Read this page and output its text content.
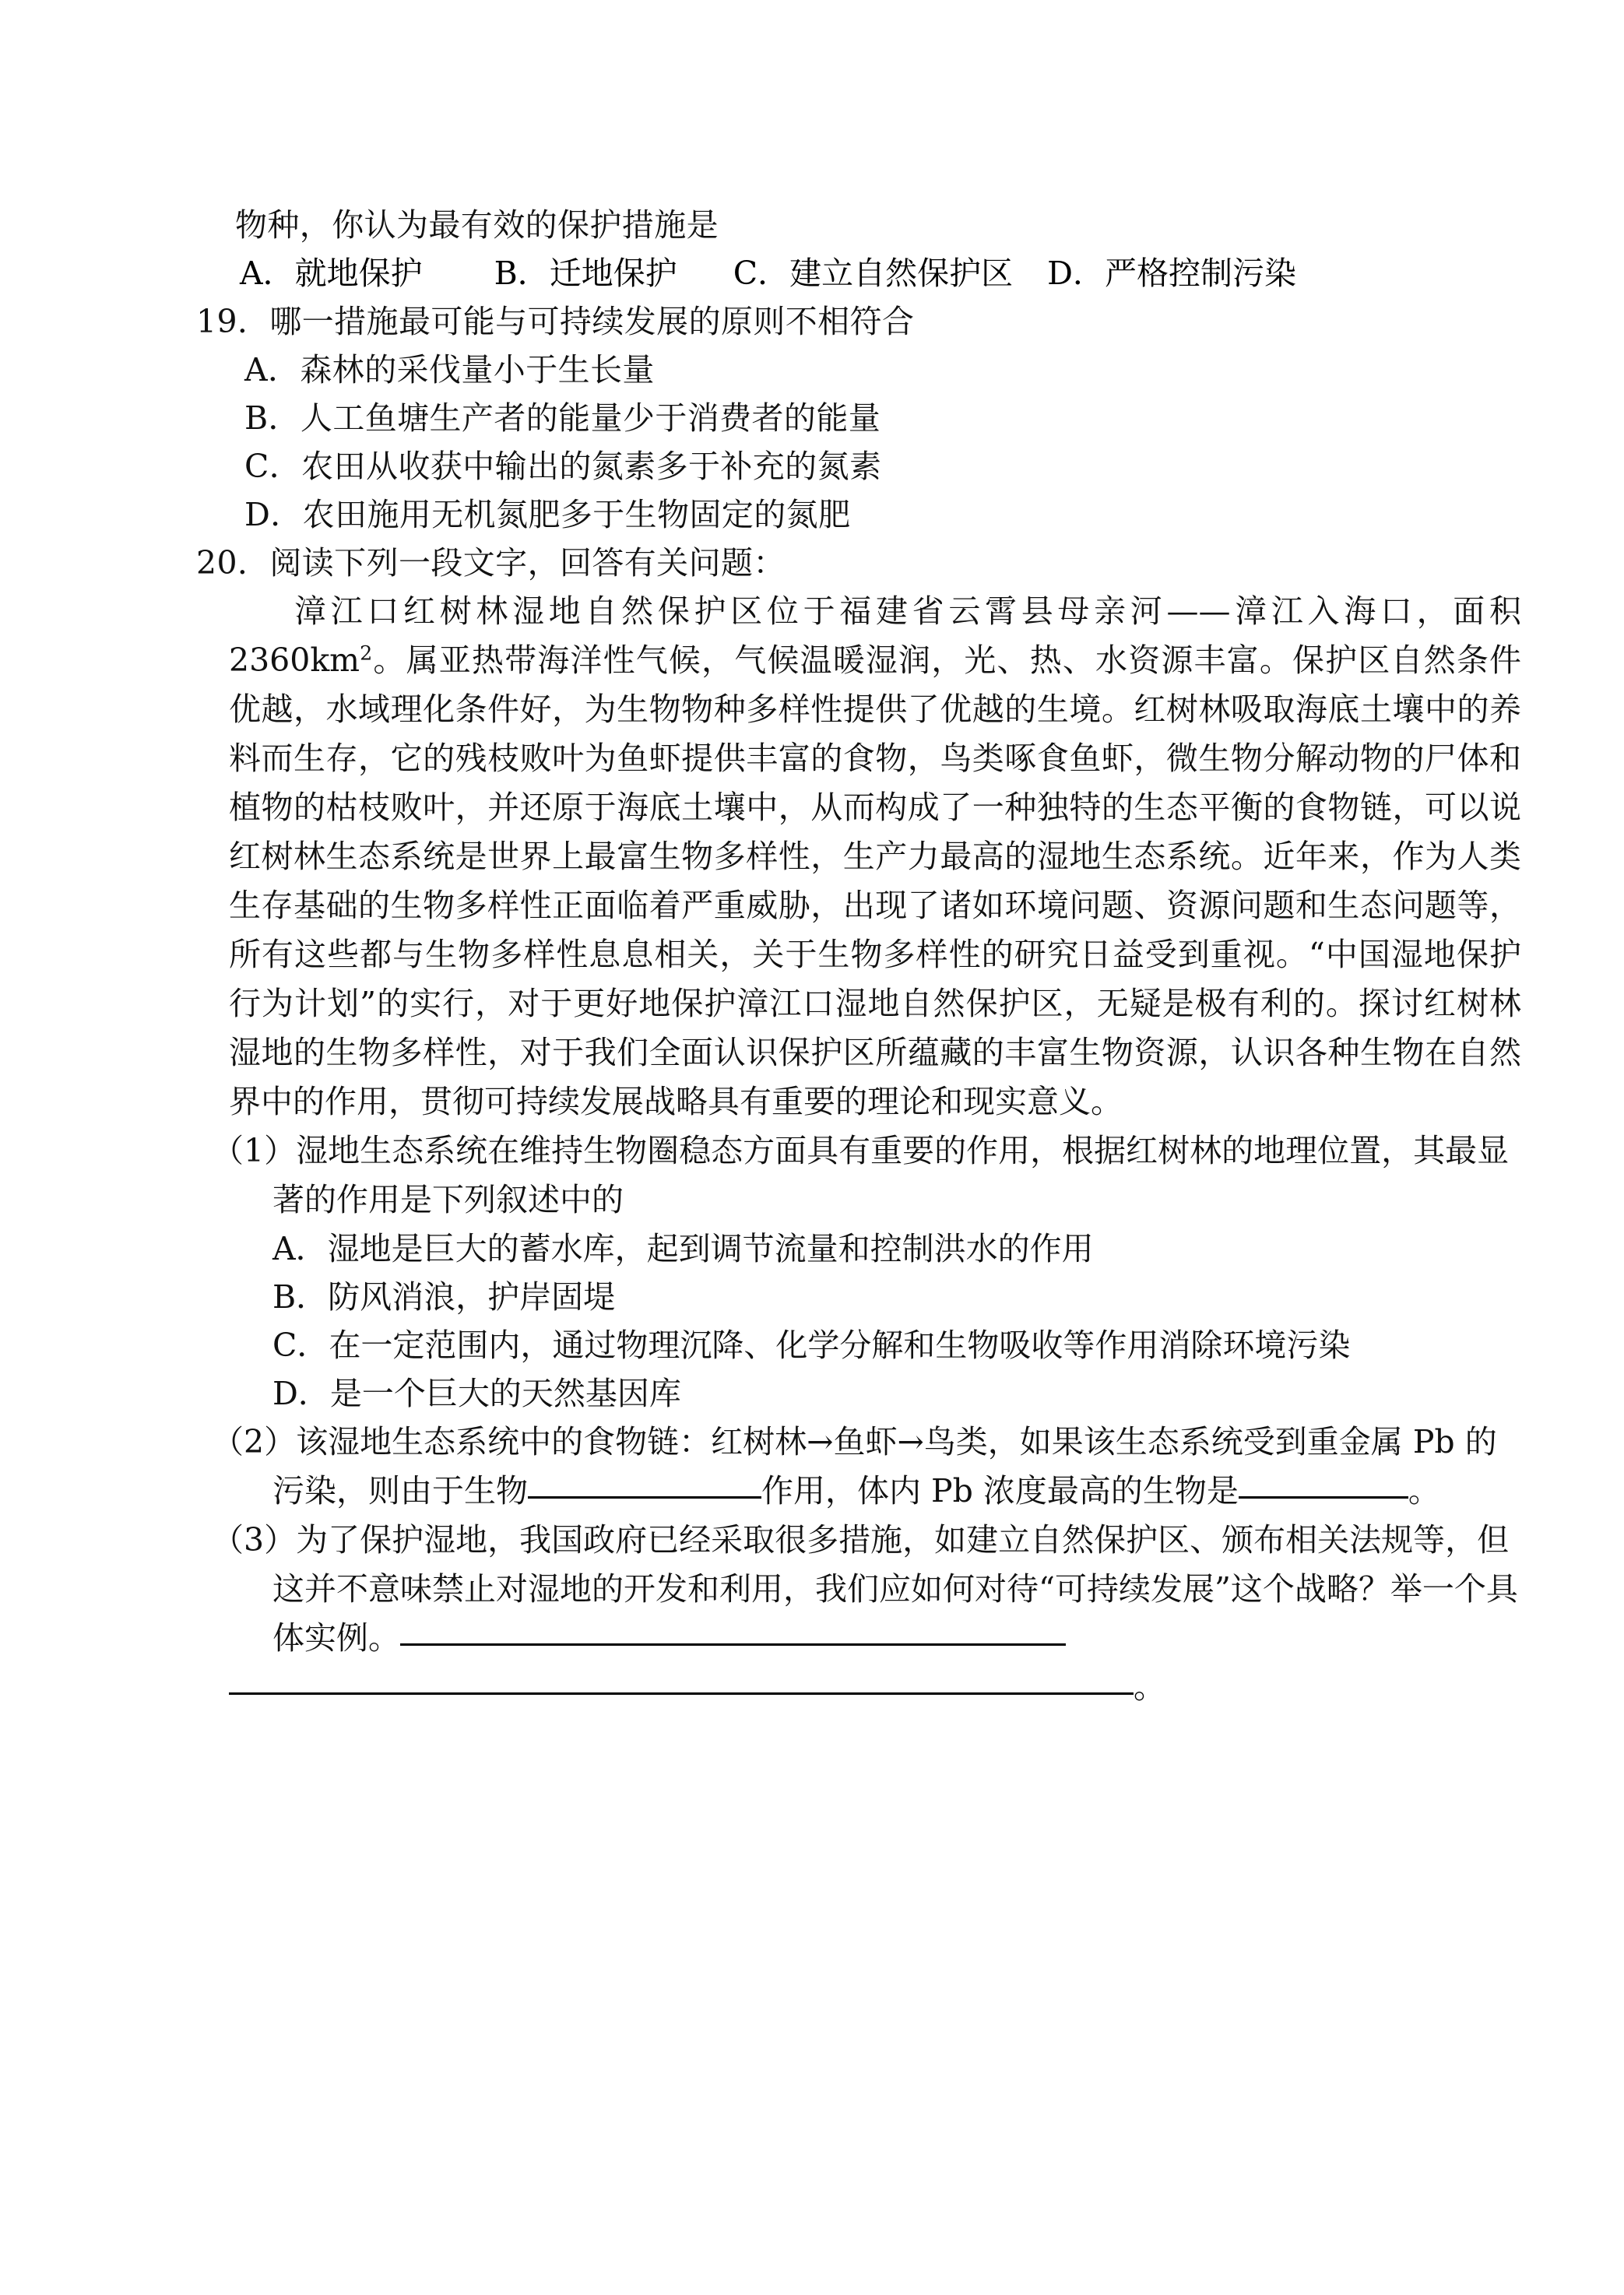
物种，你认为最有效的保护措施是
A．就地保护 B．迁地保护 C．建立自然保护区 D．严格控制污染
19．哪一措施最可能与可持续发展的原则不相符合
A．森林的采伐量小于生长量
B．人工鱼塘生产者的能量少于消费者的能量
C．农田从收获中输出的氮素多于补充的氮素
D．农田施用无机氮肥多于生物固定的氮肥
20．阅读下列一段文字，回答有关问题：
漳江口红树林湿地自然保护区位于福建省云霄县母亲河——漳江入海口，面积 $2360km^2$。属亚热带海洋性气候，气候温暖湿润，光、热、水资源丰富。保护区自然条件优越，水域理化条件好，为生物物种多样性提供了优越的生境。红树林吸取海底土壤中的养料而生存，它的残枝败叶为鱼虾提供丰富的食物，鸟类啄食鱼虾，微生物分解动物的尸体和植物的枯枝败叶，并还原于海底土壤中，从而构成了一种独特的生态平衡的食物链，可以说红树林生态系统是世界上最富生物多样性，生产力最高的湿地生态系统。近年来，作为人类生存基础的生物多样性正面临着严重威胁，出现了诸如环境问题、资源问题和生态问题等，所有这些都与生物多样性息息相关，关于生物多样性的研究日益受到重视。“中国湿地保护行为计划”的实行，对于更好地保护漳江口湿地自然保护区，无疑是极有利的。探讨红树林湿地的生物多样性，对于我们全面认识保护区所蕴藏的丰富生物资源，认识各种生物在自然界中的作用，贯彻可持续发展战略具有重要的理论和现实意义。
（1）湿地生态系统在维持生物圈稳态方面具有重要的作用，根据红树林的地理位置，其最显著的作用是下列叙述中的
A．湿地是巨大的蓄水库，起到调节流量和控制洪水的作用
B．防风消浪，护岸固堤
C．在一定范围内，通过物理沉降、化学分解和生物吸收等作用消除环境污染
D．是一个巨大的天然基因库
（2）该湿地生态系统中的食物链：红树林→鱼虾→鸟类，如果该生态系统受到重金属 Pb 的污染，则由于生物	作用，体内 Pb 浓度最高的生物是	。
（3）为了保护湿地，我国政府已经采取很多措施，如建立自然保护区、颁布相关法规等，但这并不意味禁止对湿地的开发和利用，我们应如何对待“可持续发展”这个战略？举一个具体实例。
。
